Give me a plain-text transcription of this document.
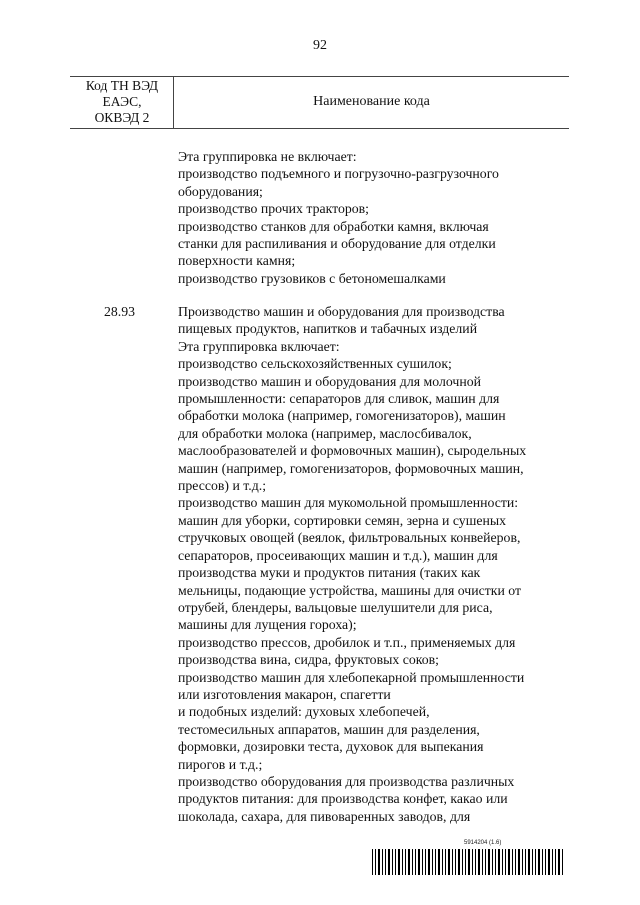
92
Код ТН ВЭД
ЕАЭС,
ОКВЭД 2
Наименование кода
Эта группировка не включает:
производство подъемного и погрузочно-разгрузочного
оборудования;
производство прочих тракторов;
производство станков для обработки камня, включая
станки для распиливания и оборудование для отделки
поверхности камня;
производство грузовиков с бетономешалками
28.93	Производство машин и оборудования для производства
пищевых продуктов, напитков и табачных изделий
Эта группировка включает:
производство сельскохозяйственных сушилок;
производство машин и оборудования для молочной
промышленности: сепараторов для сливок, машин для
обработки молока (например, гомогенизаторов), машин
для обработки молока (например, маслосбивалок,
маслообразователей и формовочных машин), сыродельных
машин (например, гомогенизаторов, формовочных машин,
прессов) и т.д.;
производство машин для мукомольной промышленности:
машин для уборки, сортировки семян, зерна и сушеных
стручковых овощей (веялок, фильтровальных конвейеров,
сепараторов, просеивающих машин и т.д.), машин для
производства муки и продуктов питания (таких как
мельницы, подающие устройства, машины для очистки от
отрубей, блендеры, вальцовые шелушители для риса,
машины для лущения гороха);
производство прессов, дробилок и т.п., применяемых для
производства вина, сидра, фруктовых соков;
производство машин для хлебопекарной промышленности
или изготовления макарон, спагетти
и подобных изделий: духовых хлебопечей,
тестомесильных аппаратов, машин для разделения,
формовки, дозировки теста, духовок для выпекания
пирогов и т.д.;
производство оборудования для производства различных
продуктов питания: для производства конфет, какао или
шоколада, сахара, для пивоваренных заводов, для
5914204 (1.6)
